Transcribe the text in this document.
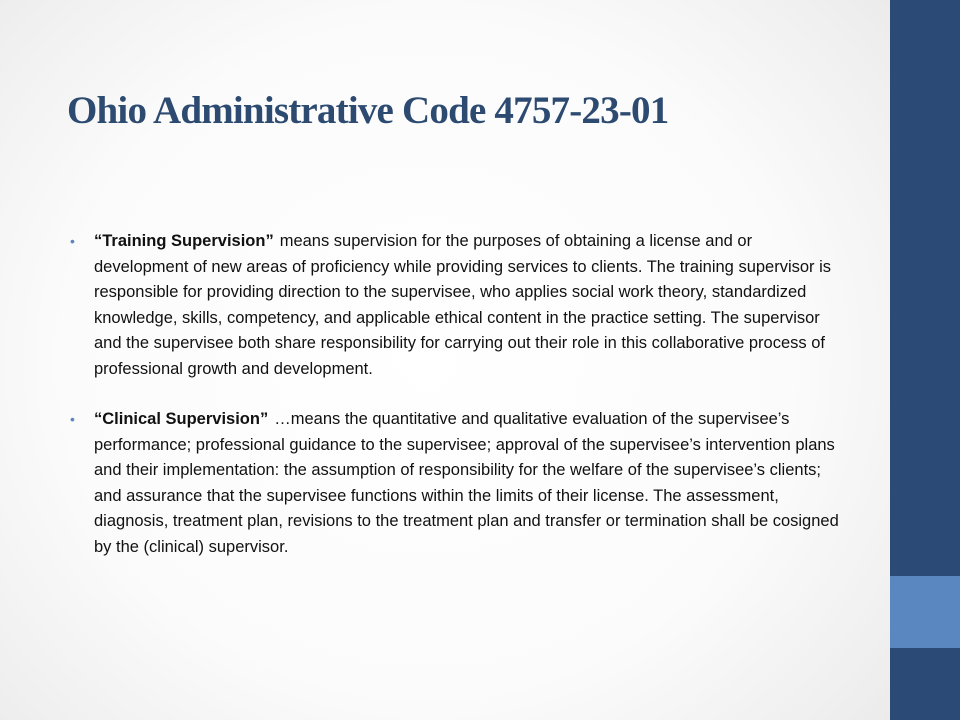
Ohio Administrative Code 4757-23-01
• “Training Supervision” means supervision for the purposes of obtaining a license and or development of new areas of proficiency while providing services to clients. The training supervisor is responsible for providing direction to the supervisee, who applies social work theory, standardized knowledge, skills, competency, and applicable ethical content in the practice setting. The supervisor and the supervisee both share responsibility for carrying out their role in this collaborative process of professional growth and development.
• “Clinical Supervision” …means the quantitative and qualitative evaluation of the supervisee’s performance; professional guidance to the supervisee; approval of the supervisee’s intervention plans and their implementation: the assumption of responsibility for the welfare of the supervisee’s clients; and assurance that the supervisee functions within the limits of their license. The assessment, diagnosis, treatment plan, revisions to the treatment plan and transfer or termination shall be cosigned by the (clinical) supervisor.
